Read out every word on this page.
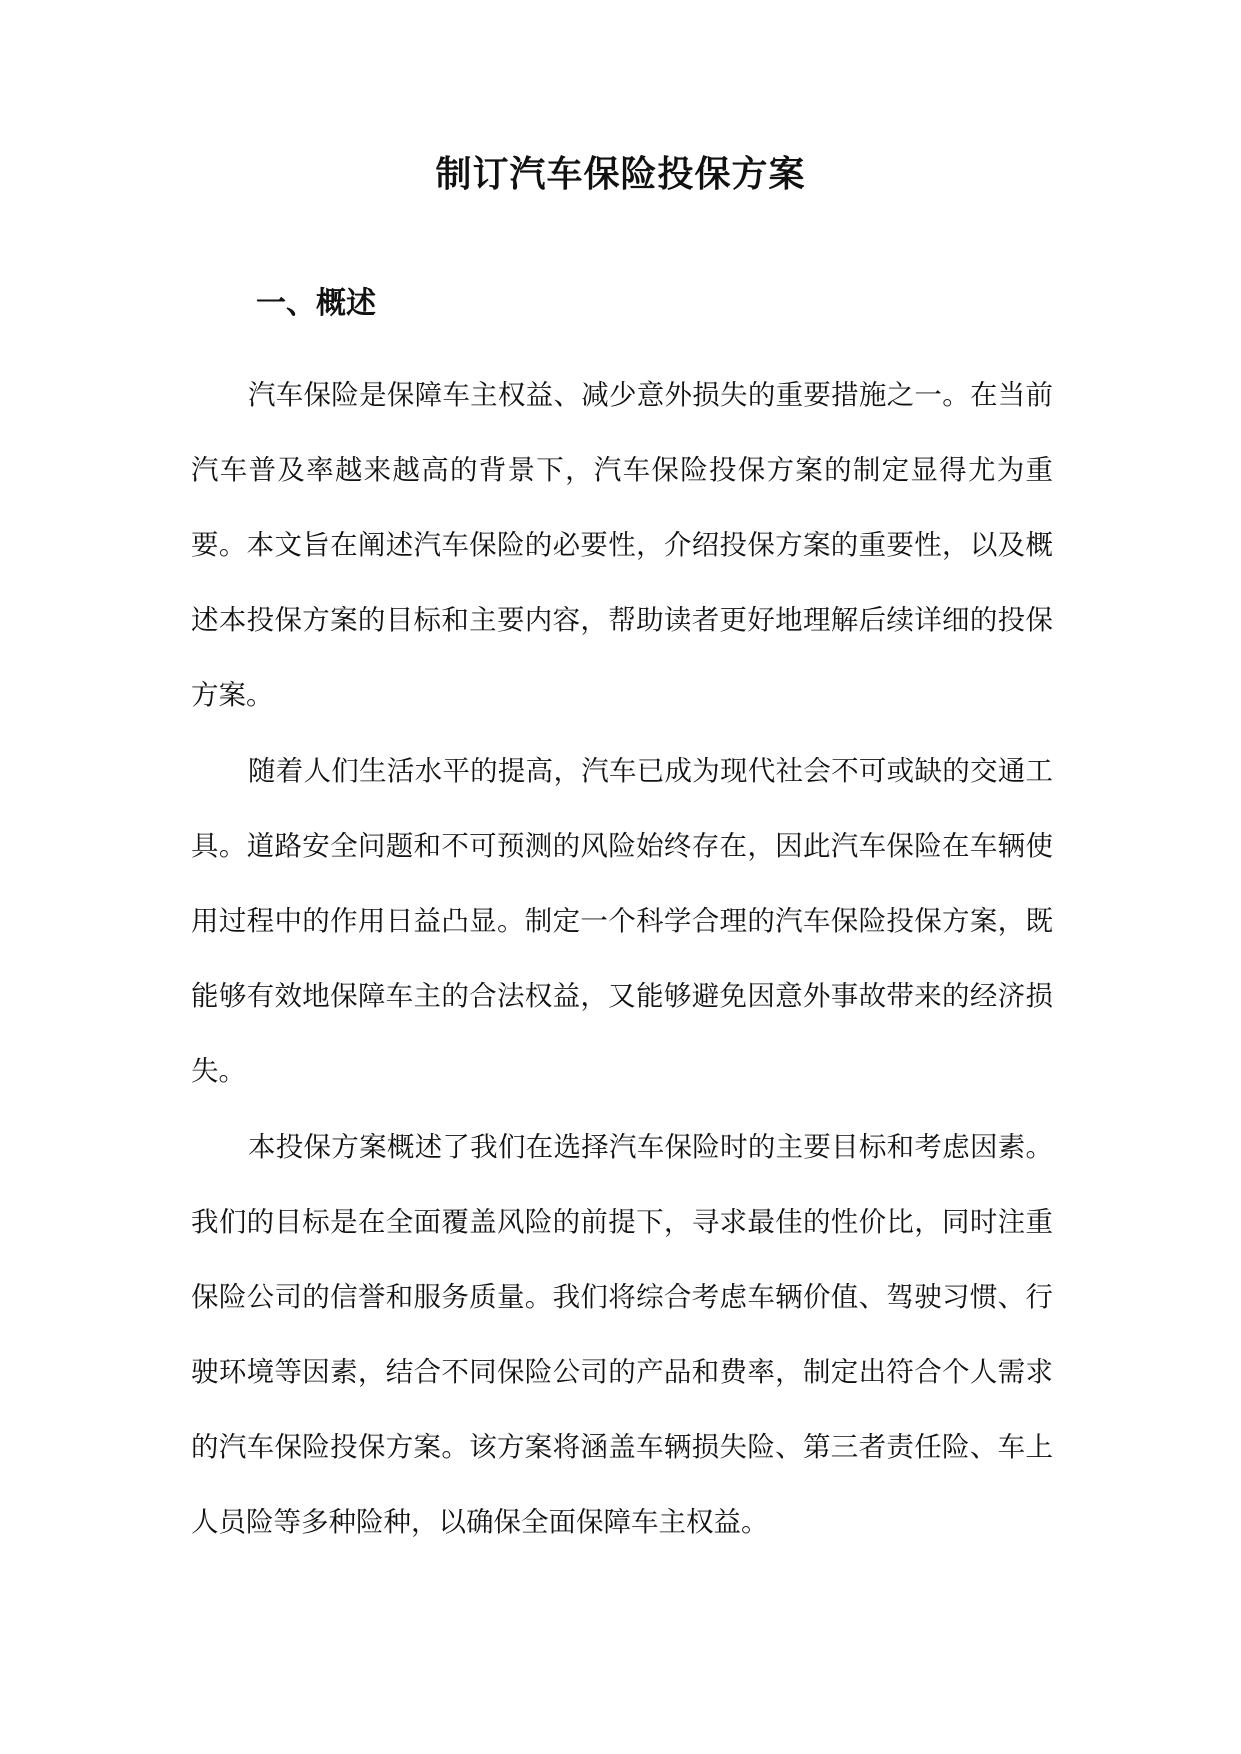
制订汽车保险投保方案
一、概述

汽车保险是保障车主权益、减少意外损失的重要措施之一。在当前汽车普及率越来越高的背景下，汽车保险投保方案的制定显得尤为重要。本文旨在阐述汽车保险的必要性，介绍投保方案的重要性，以及概述本投保方案的目标和主要内容，帮助读者更好地理解后续详细的投保方案。

随着人们生活水平的提高，汽车已成为现代社会不可或缺的交通工具。道路安全问题和不可预测的风险始终存在，因此汽车保险在车辆使用过程中的作用日益凸显。制定一个科学合理的汽车保险投保方案，既能够有效地保障车主的合法权益，又能够避免因意外事故带来的经济损失。

本投保方案概述了我们在选择汽车保险时的主要目标和考虑因素。我们的目标是在全面覆盖风险的前提下，寻求最佳的性价比，同时注重保险公司的信誉和服务质量。我们将综合考虑车辆价值、驾驶习惯、行驶环境等因素，结合不同保险公司的产品和费率，制定出符合个人需求的汽车保险投保方案。该方案将涵盖车辆损失险、第三者责任险、车上人员险等多种险种，以确保全面保障车主权益。
